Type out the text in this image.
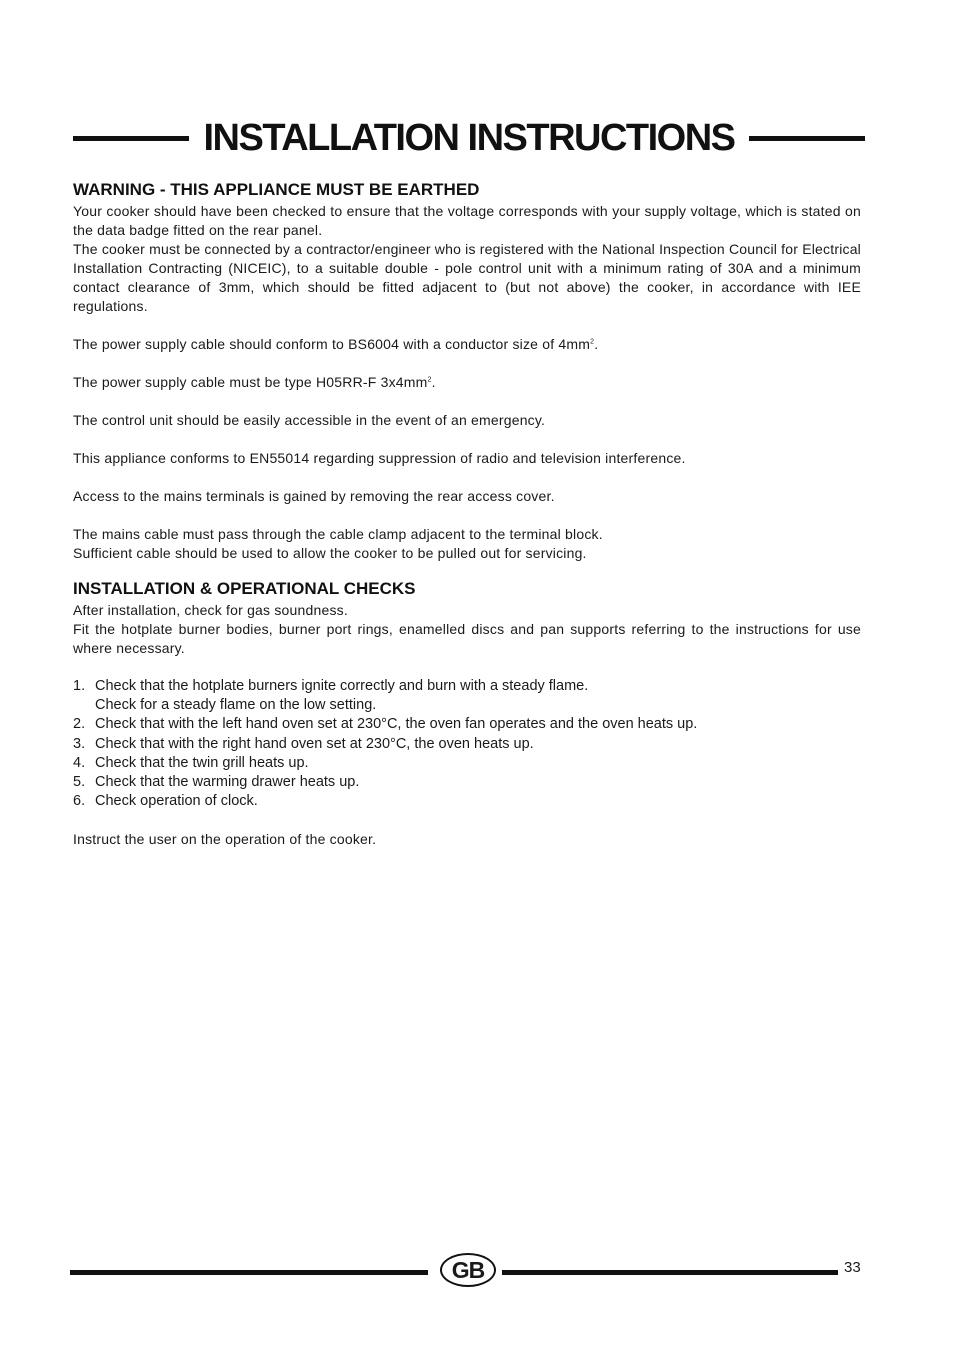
INSTALLATION INSTRUCTIONS
WARNING - THIS APPLIANCE MUST BE EARTHED

Your cooker should have been checked to ensure that the voltage corresponds with your supply voltage, which is stated on the data badge fitted on the rear panel.

The cooker must be connected by a contractor/engineer who is registered with the National Inspection Council for Electrical Installation Contracting (NICEIC), to a suitable double - pole control unit with a minimum rating of 30A and a minimum contact clearance of 3mm, which should be fitted adjacent to (but not above) the cooker, in accordance with IEE regulations.

The power supply cable should conform to BS6004 with a conductor size of $4mm^2$.

The power supply cable must be type H05RR-F $3x4mm^2$.

The control unit should be easily accessible in the event of an emergency.

This appliance conforms to EN55014 regarding suppression of radio and television interference.

Access to the mains terminals is gained by removing the rear access cover.

The mains cable must pass through the cable clamp adjacent to the terminal block.

Sufficient cable should be used to allow the cooker to be pulled out for servicing.

INSTALLATION & OPERATIONAL CHECKS

After installation, check for gas soundness.

Fit the hotplate burner bodies, burner port rings, enamelled discs and pan supports referring to the instructions for use where necessary.

1. Check that the hotplate burners ignite correctly and burn with a steady flame.
Check for a steady flame on the low setting.
2. Check that with the left hand oven set at 230°C, the oven fan operates and the oven heats up.
3. Check that with the right hand oven set at 230°C, the oven heats up.
4. Check that the twin grill heats up.
5. Check that the warming drawer heats up.
6. Check operation of clock.

Instruct the user on the operation of the cooker.

GB	33
